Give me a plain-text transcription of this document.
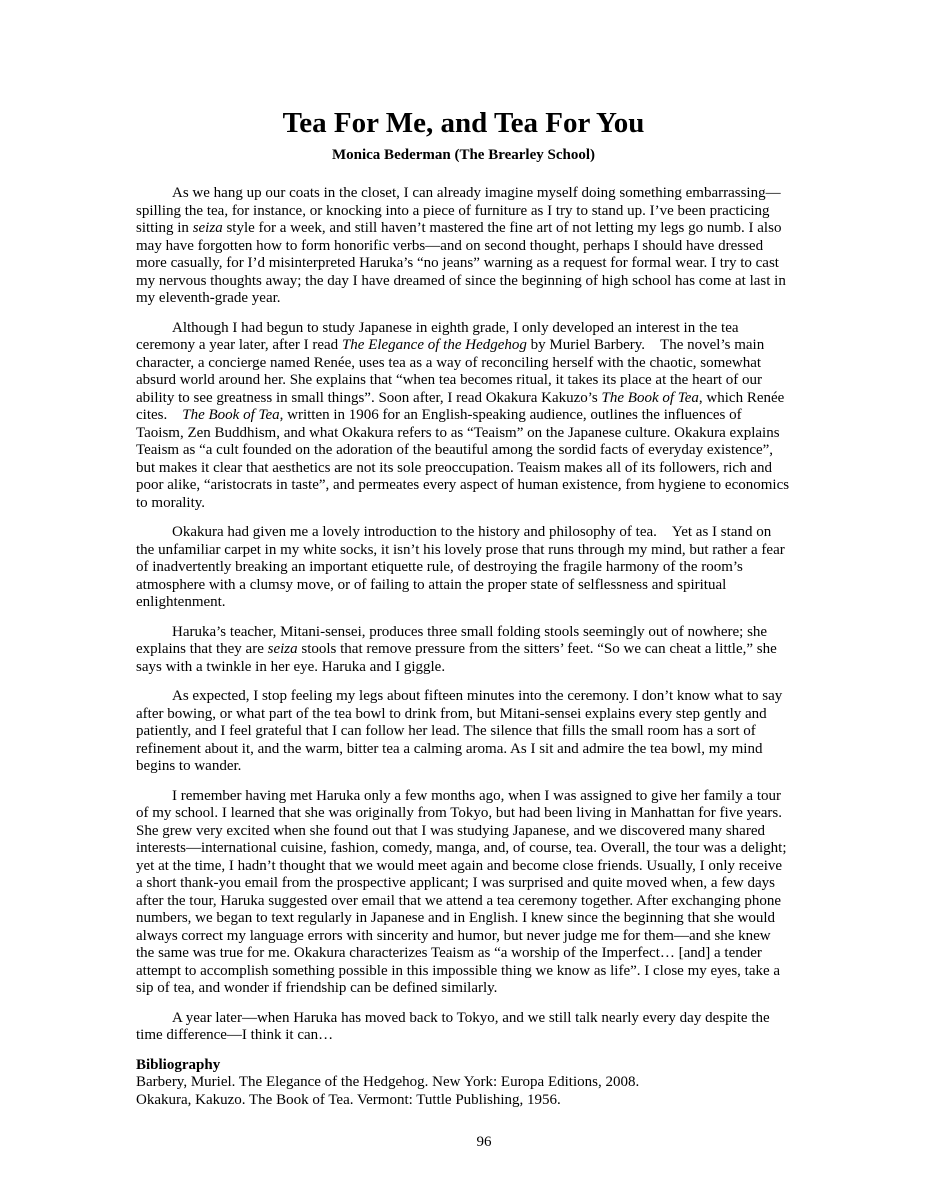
Tea For Me, and Tea For You
Monica Bederman (The Brearley School)

As we hang up our coats in the closet, I can already imagine myself doing something embarrassing—spilling the tea, for instance, or knocking into a piece of furniture as I try to stand up. I’ve been practicing sitting in seiza style for a week, and still haven’t mastered the fine art of not letting my legs go numb. I also may have forgotten how to form honorific verbs—and on second thought, perhaps I should have dressed more casually, for I’d misinterpreted Haruka’s “no jeans” warning as a request for formal wear. I try to cast my nervous thoughts away; the day I have dreamed of since the beginning of high school has come at last in my eleventh-grade year.

Although I had begun to study Japanese in eighth grade, I only developed an interest in the tea ceremony a year later, after I read The Elegance of the Hedgehog by Muriel Barbery. The novel’s main character, a concierge named Renée, uses tea as a way of reconciling herself with the chaotic, somewhat absurd world around her. She explains that “when tea becomes ritual, it takes its place at the heart of our ability to see greatness in small things”. Soon after, I read Okakura Kakuzo’s The Book of Tea, which Renée cites. The Book of Tea, written in 1906 for an English-speaking audience, outlines the influences of Taoism, Zen Buddhism, and what Okakura refers to as “Teaism” on the Japanese culture. Okakura explains Teaism as “a cult founded on the adoration of the beautiful among the sordid facts of everyday existence”, but makes it clear that aesthetics are not its sole preoccupation. Teaism makes all of its followers, rich and poor alike, “aristocrats in taste”, and permeates every aspect of human existence, from hygiene to economics to morality.

Okakura had given me a lovely introduction to the history and philosophy of tea. Yet as I stand on the unfamiliar carpet in my white socks, it isn’t his lovely prose that runs through my mind, but rather a fear of inadvertently breaking an important etiquette rule, of destroying the fragile harmony of the room’s atmosphere with a clumsy move, or of failing to attain the proper state of selflessness and spiritual enlightenment.

Haruka’s teacher, Mitani-sensei, produces three small folding stools seemingly out of nowhere; she explains that they are seiza stools that remove pressure from the sitters’ feet. “So we can cheat a little,” she says with a twinkle in her eye. Haruka and I giggle.

As expected, I stop feeling my legs about fifteen minutes into the ceremony. I don’t know what to say after bowing, or what part of the tea bowl to drink from, but Mitani-sensei explains every step gently and patiently, and I feel grateful that I can follow her lead. The silence that fills the small room has a sort of refinement about it, and the warm, bitter tea a calming aroma. As I sit and admire the tea bowl, my mind begins to wander.

I remember having met Haruka only a few months ago, when I was assigned to give her family a tour of my school. I learned that she was originally from Tokyo, but had been living in Manhattan for five years. She grew very excited when she found out that I was studying Japanese, and we discovered many shared interests—international cuisine, fashion, comedy, manga, and, of course, tea. Overall, the tour was a delight; yet at the time, I hadn’t thought that we would meet again and become close friends. Usually, I only receive a short thank-you email from the prospective applicant; I was surprised and quite moved when, a few days after the tour, Haruka suggested over email that we attend a tea ceremony together. After exchanging phone numbers, we began to text regularly in Japanese and in English. I knew since the beginning that she would always correct my language errors with sincerity and humor, but never judge me for them—and she knew the same was true for me. Okakura characterizes Teaism as “a worship of the Imperfect… [and] a tender attempt to accomplish something possible in this impossible thing we know as life”. I close my eyes, take a sip of tea, and wonder if friendship can be defined similarly.

A year later—when Haruka has moved back to Tokyo, and we still talk nearly every day despite the time difference—I think it can…

Bibliography
Barbery, Muriel. The Elegance of the Hedgehog. New York: Europa Editions, 2008.
Okakura, Kakuzo. The Book of Tea. Vermont: Tuttle Publishing, 1956.
96
